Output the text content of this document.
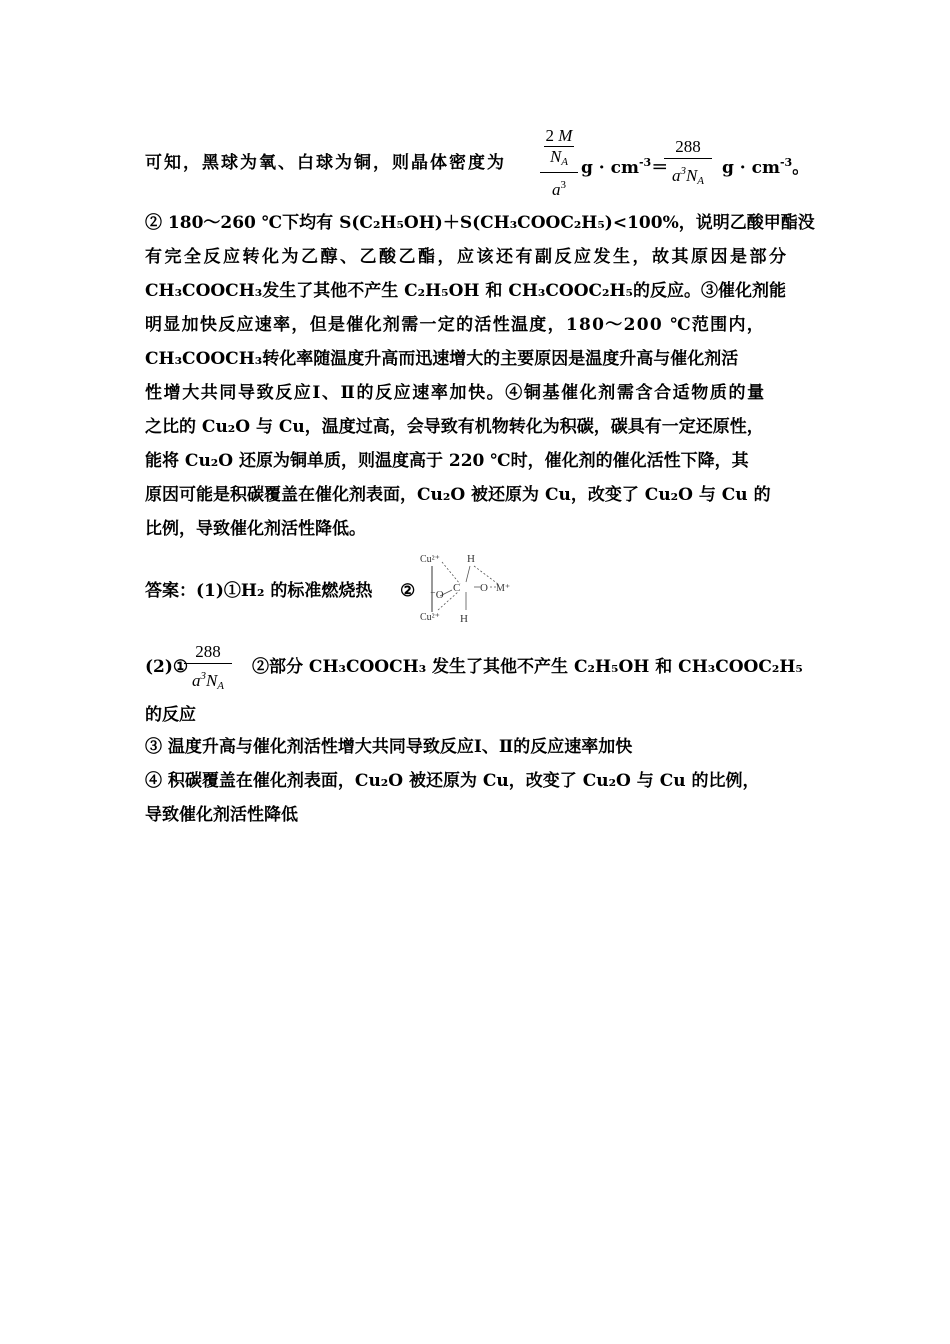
可知，黑球为氧、白球为铜，则晶体密度为
2 M
$N_A$
$a^3$
$g \cdot cm^{-3}=$
288
$a^3N_A$
$g \cdot cm^{-3}$。
② 180～260 ℃下均有 S(C₂H₅OH)＋S(CH₃COOC₂H₅)<100%，说明乙酸甲酯没
有完全反应转化为乙醇、乙酸乙酯，应该还有副反应发生，故其原因是部分
CH₃COOCH₃发生了其他不产生 C₂H₅OH 和 CH₃COOC₂H₅的反应。③催化剂能
明显加快反应速率，但是催化剂需一定的活性温度，180～200 ℃范围内，
CH₃COOCH₃转化率随温度升高而迅速增大的主要原因是温度升高与催化剂活
性增大共同导致反应Ⅰ、Ⅱ的反应速率加快。④铜基催化剂需含合适物质的量
之比的 Cu₂O 与 Cu，温度过高，会导致有机物转化为积碳，碳具有一定还原性，
能将 Cu₂O 还原为铜单质，则温度高于 220 ℃时，催化剂的催化活性下降，其
原因可能是积碳覆盖在催化剂表面，Cu₂O 被还原为 Cu，改变了 Cu₂O 与 Cu 的
比例，导致催化剂活性降低。
答案：(1)①H₂ 的标准燃烧热 ②
Cu²⁺ H
⁻O
C O M⁺
Cu²⁺ H
(2)①
288
$a^3N_A$
②部分 CH₃COOCH₃ 发生了其他不产生 C₂H₅OH 和 CH₃COOC₂H₅
的反应
③ 温度升高与催化剂活性增大共同导致反应Ⅰ、Ⅱ的反应速率加快
④ 积碳覆盖在催化剂表面，Cu₂O 被还原为 Cu，改变了 Cu₂O 与 Cu 的比例，
导致催化剂活性降低
